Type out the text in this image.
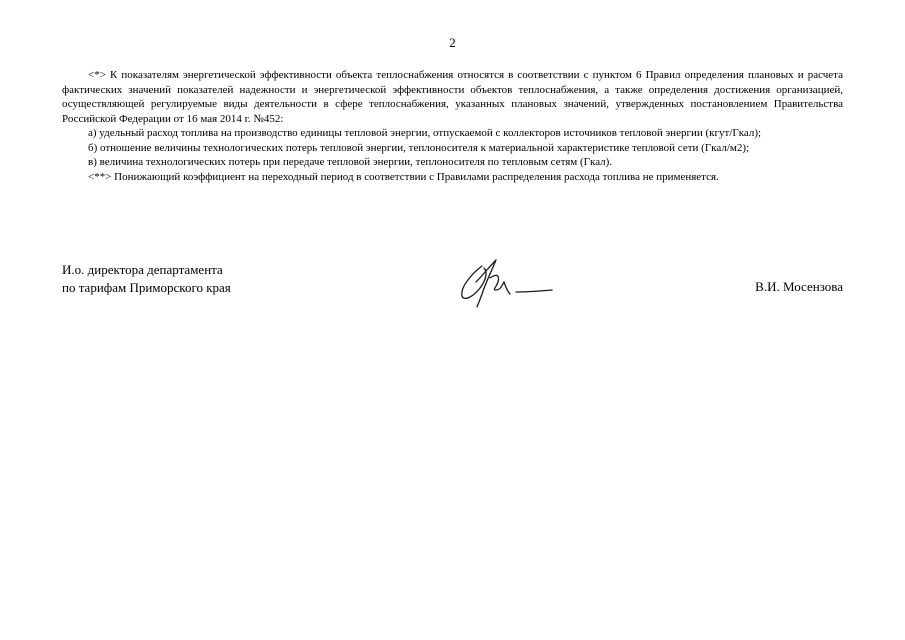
2

<*> К показателям энергетической эффективности объекта теплоснабжения относятся в соответствии с пунктом 6 Правил определения плановых и расчета фактических значений показателей надежности и энергетической эффективности объектов теплоснабжения, а также определения достижения организацией, осуществляющей регулируемые виды деятельности в сфере теплоснабжения, указанных плановых значений, утвержденных постановлением Правительства Российской Федерации от 16 мая 2014 г. №452:

а) удельный расход топлива на производство единицы тепловой энергии, отпускаемой с коллекторов источников тепловой энергии (кгут/Гкал);

б) отношение величины технологических потерь тепловой энергии, теплоносителя к материальной характеристике тепловой сети (Гкал/м2);

в) величина технологических потерь при передаче тепловой энергии, теплоносителя по тепловым сетям (Гкал).

<**> Понижающий коэффициент на переходный период в соответствии с Правилами распределения расхода топлива не применяется.

И.о. директора департамента
по тарифам Приморского края	В.И. Мосензова
